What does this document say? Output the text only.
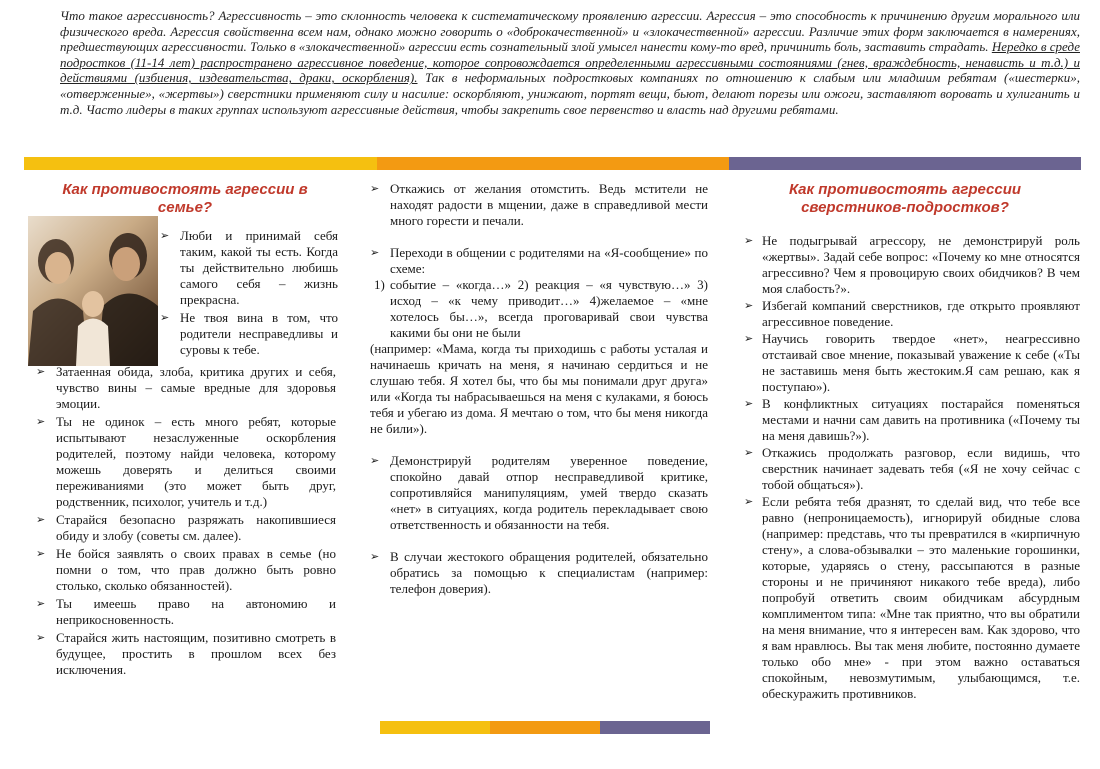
Что такое агрессивность? Агрессивность – это склонность человека к систематическому проявлению агрессии. Агрессия – это способность к причинению другим морального или физического вреда. Агрессия свойственна всем нам, однако можно говорить о «доброкачественной» и «злокачественной» агрессии. Различие этих форм заключается в намерениях, предшествующих агрессивности. Только в «злокачественной» агрессии есть сознательный злой умысел нанести кому-то вред, причинить боль, заставить страдать. Нередко в среде подростков (11-14 лет) распространено агрессивное поведение, которое сопровождается определенными агрессивными состояниями (гнев, враждебность, ненависть и т.д.) и действиями (избиения, издевательства, драки, оскорбления). Так в неформальных подростковых компаниях по отношению к слабым или младшим ребятам («шестерки», «отверженные», «жертвы») сверстники применяют силу и насилие: оскорбляют, унижают, портят вещи, бьют, делают порезы или ожоги, заставляют воровать и хулиганить и т.д. Часто лидеры в таких группах используют агрессивные действия, чтобы закрепить свое первенство и власть над другими ребятами.
Как противостоять агрессии в семье?
➢ Люби и принимай себя таким, какой ты есть. Когда ты действительно любишь самого себя – жизнь прекрасна.
➢ Не твоя вина в том, что родители несправедливы и суровы к тебе.
➢ Затаенная обида, злоба, критика других и себя, чувство вины – самые вредные для здоровья эмоции.
➢ Ты не одинок – есть много ребят, которые испытывают незаслуженные оскорбления родителей, поэтому найди человека, которому можешь доверять и делиться своими переживаниями (это может быть друг, родственник, психолог, учитель и т.д.)
➢ Старайся безопасно разряжать накопившиеся обиду и злобу (советы см. далее).
➢ Не бойся заявлять о своих правах в семье (но помни о том, что прав должно быть ровно столько, сколько обязанностей).
➢ Ты имеешь право на автономию и неприкосновенность.
➢ Старайся жить настоящим, позитивно смотреть в будущее, простить в прошлом всех без исключения.
➢ Откажись от желания отомстить. Ведь мстители не находят радости в мщении, даже в справедливой мести много горести и печали.
➢ Переходи в общении с родителями на «Я-сообщение» по схеме:
1) событие – «когда…» 2) реакция – «я чувствую…» 3) исход – «к чему приводит…» 4)желаемое – «мне хотелось бы…», всегда проговаривай свои чувства какими бы они не были
(например: «Мама, когда ты приходишь с работы усталая и начинаешь кричать на меня, я начинаю сердиться и не слушаю тебя. Я хотел бы, что бы мы понимали друг друга» или «Когда ты набрасываешься на меня с кулаками, я боюсь тебя и убегаю из дома. Я мечтаю о том, что бы меня никогда не били»).
➢ Демонстрируй родителям уверенное поведение, спокойно давай отпор несправедливой критике, сопротивляйся манипуляциям, умей твердо сказать «нет» в ситуациях, когда родитель перекладывает свою ответственность и обязанности на тебя.
➢ В случаи жестокого обращения родителей, обязательно обратись за помощью к специалистам (например: телефон доверия).
Как противостоять агрессии сверстников-подростков?
➢ Не подыгрывай агрессору, не демонстрируй роль «жертвы». Задай себе вопрос: «Почему ко мне относятся агрессивно? Чем я провоцирую своих обидчиков? В чем моя слабость?».
➢ Избегай компаний сверстников, где открыто проявляют агрессивное поведение.
➢ Научись говорить твердое «нет», неагрессивно отстаивай свое мнение, показывай уважение к себе («Ты не заставишь меня быть жестоким.Я сам решаю, как я поступаю»).
➢ В конфликтных ситуациях постарайся поменяться местами и начни сам давить на противника («Почему ты на меня давишь?»).
➢ Откажись продолжать разговор, если видишь, что сверстник начинает задевать тебя («Я не хочу сейчас с тобой общаться»).
➢ Если ребята тебя дразнят, то сделай вид, что тебе все равно (непроницаемость), игнорируй обидные слова (например: представь, что ты превратился в «кирпичную стену», а слова-обзывалки – это маленькие горошинки, которые, ударяясь о стену, рассыпаются в разные стороны и не причиняют никакого тебе вреда), либо попробуй ответить своим обидчикам абсурдным комплиментом типа: «Мне так приятно, что вы обратили на меня внимание, что я интересен вам. Как здорово, что я вам нравлюсь. Вы так меня любите, постоянно думаете только обо мне» - при этом важно оставаться спокойным, невозмутимым, улыбающимся, т.е. обескуражить противников.
